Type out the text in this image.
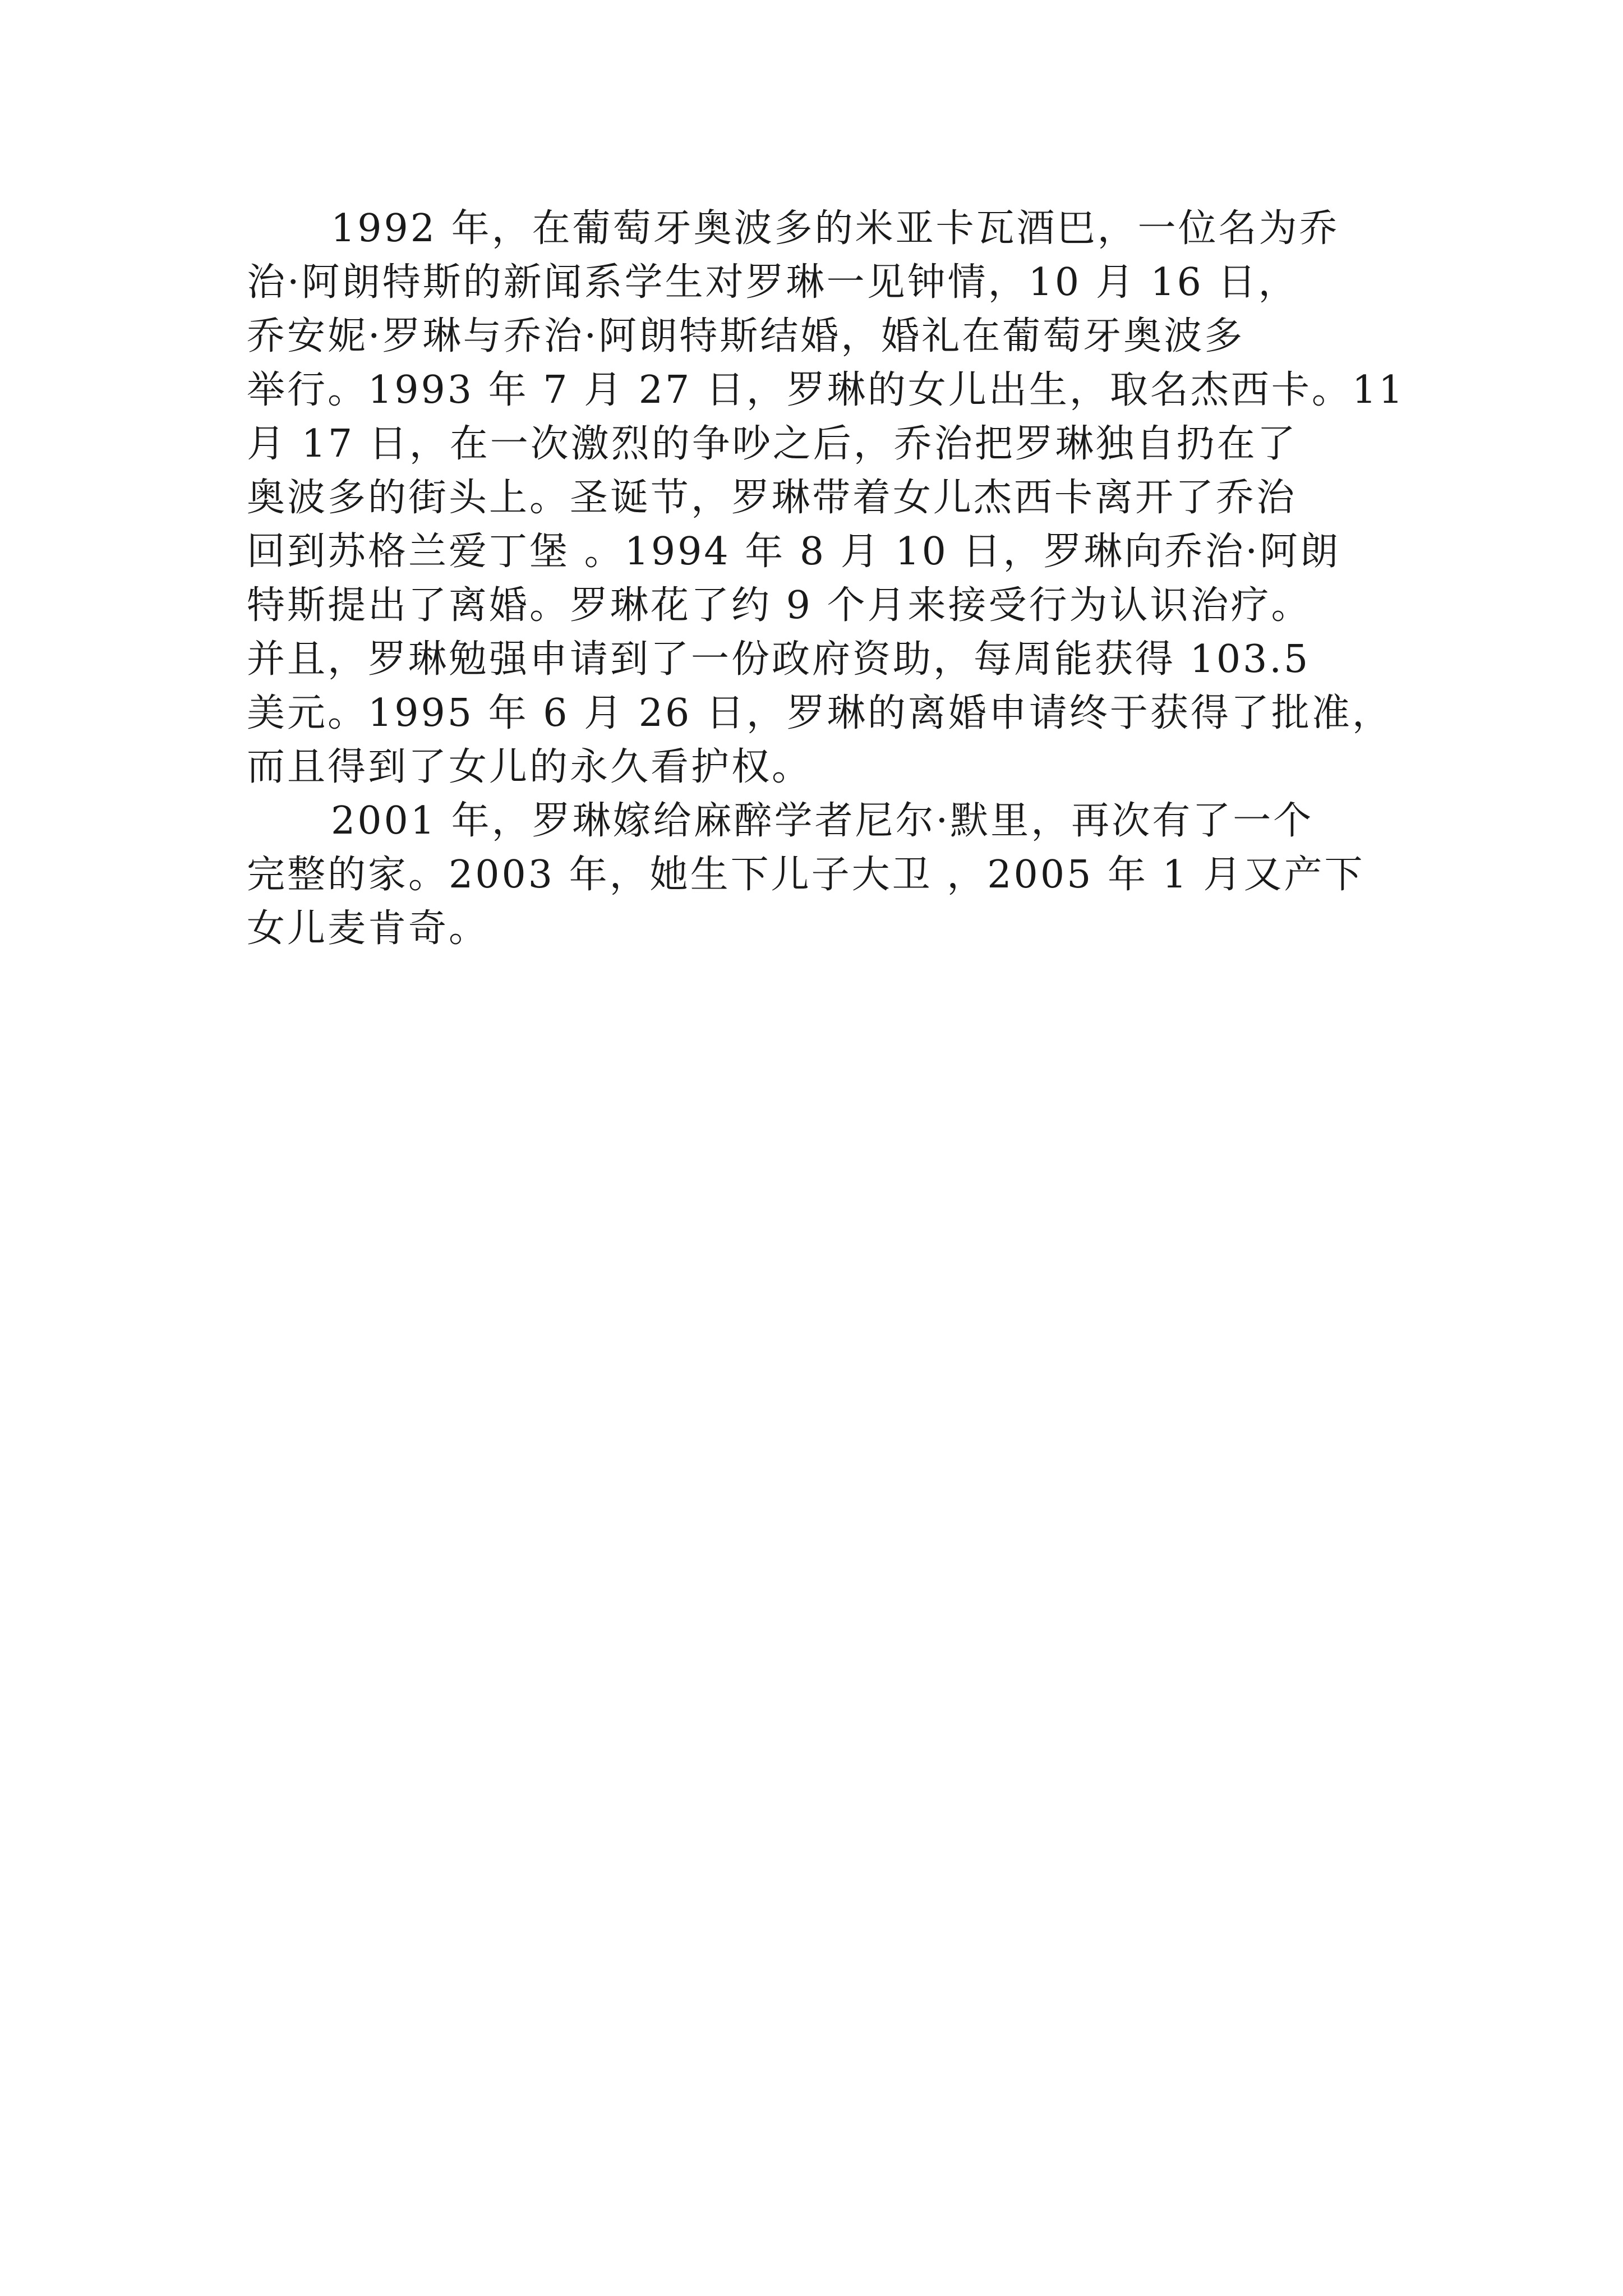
1992 年，在葡萄牙奥波多的米亚卡瓦酒巴，一位名为乔

治·阿朗特斯的新闻系学生对罗琳一见钟情，10 月 16 日，

乔安妮·罗琳与乔治·阿朗特斯结婚，婚礼在葡萄牙奥波多

举行。1993 年 7 月 27 日，罗琳的女儿出生，取名杰西卡。11

月 17 日，在一次激烈的争吵之后，乔治把罗琳独自扔在了

奥波多的街头上。圣诞节，罗琳带着女儿杰西卡离开了乔治

回到苏格兰爱丁堡 。1994 年 8 月 10 日，罗琳向乔治·阿朗

特斯提出了离婚。罗琳花了约 9 个月来接受行为认识治疗。

并且，罗琳勉强申请到了一份政府资助，每周能获得 103.5

美元。1995 年 6 月 26 日，罗琳的离婚申请终于获得了批准，

而且得到了女儿的永久看护权。

2001 年，罗琳嫁给麻醉学者尼尔·默里，再次有了一个

完整的家。2003 年，她生下儿子大卫 ，2005 年 1 月又产下

女儿麦肯奇。
